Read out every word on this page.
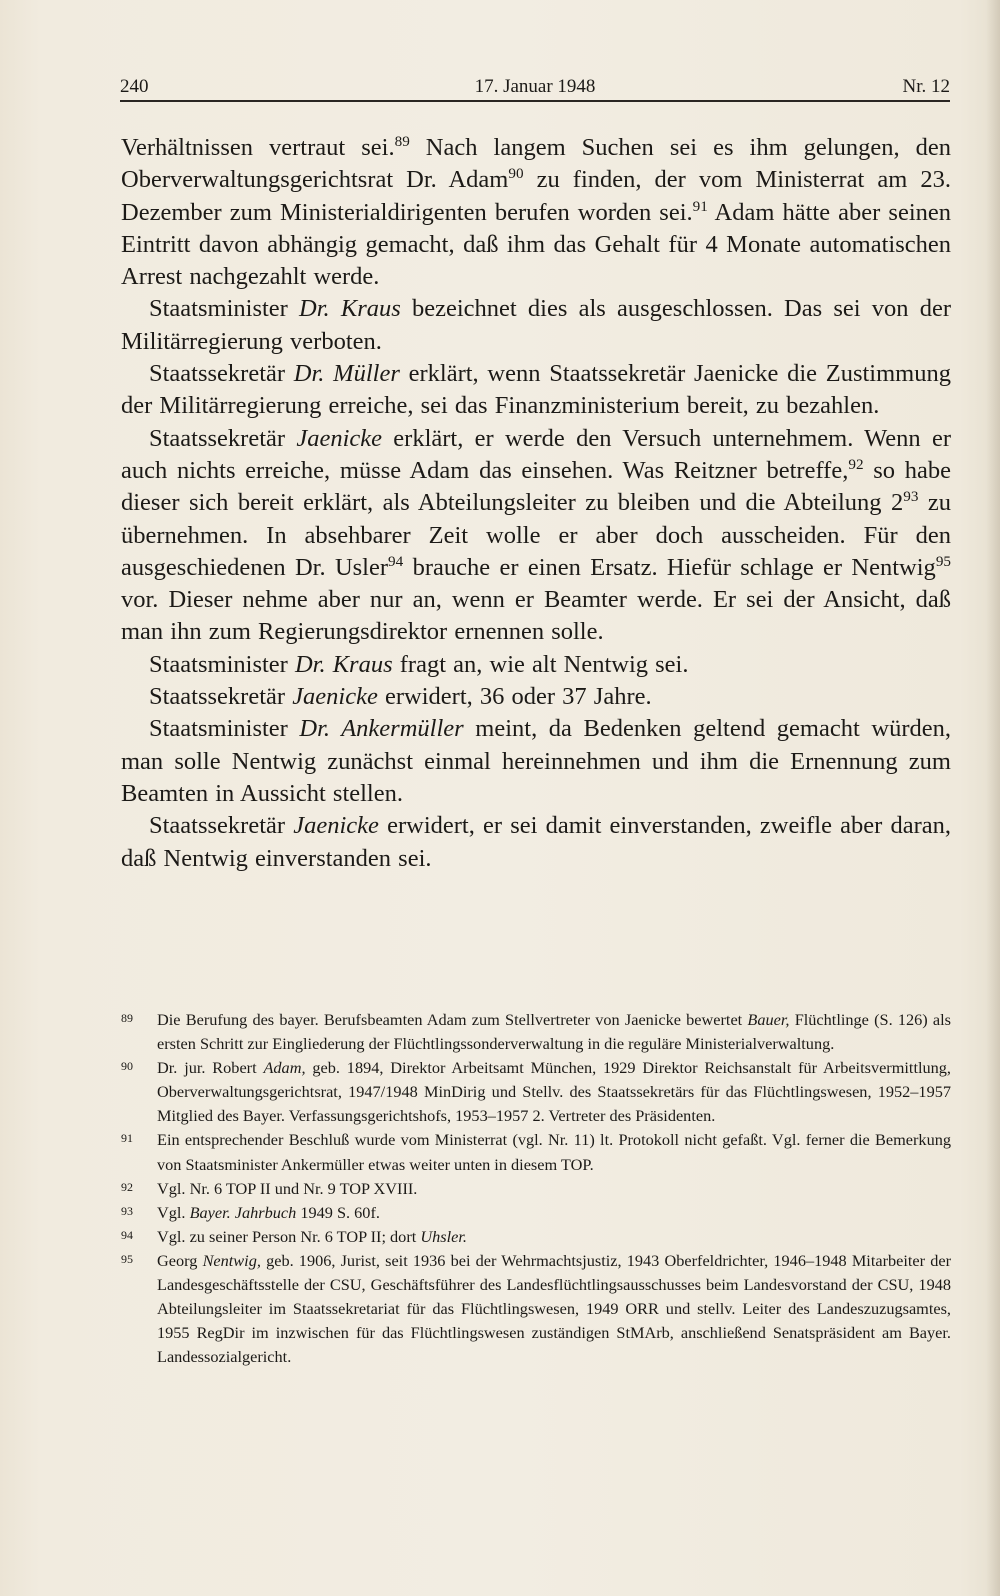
240	17. Januar 1948	Nr. 12

Verhältnissen vertraut sei.$^{89}$ Nach langem Suchen sei es ihm gelungen, den Oberverwaltungsgerichtsrat Dr. Adam$^{90}$ zu finden, der vom Ministerrat am 23. Dezember zum Ministerialdirigenten berufen worden sei.$^{91}$ Adam hätte aber seinen Eintritt davon abhängig gemacht, daß ihm das Gehalt für 4 Monate automatischen Arrest nachgezahlt werde.

Staatsminister Dr. Kraus bezeichnet dies als ausgeschlossen. Das sei von der Militärregierung verboten.

Staatssekretär Dr. Müller erklärt, wenn Staatssekretär Jaenicke die Zustimmung der Militärregierung erreiche, sei das Finanzministerium bereit, zu bezahlen.

Staatssekretär Jaenicke erklärt, er werde den Versuch unternehmem. Wenn er auch nichts erreiche, müsse Adam das einsehen. Was Reitzner betreffe,$^{92}$ so habe dieser sich bereit erklärt, als Abteilungsleiter zu bleiben und die Abteilung $2^{93}$ zu übernehmen. In absehbarer Zeit wolle er aber doch ausscheiden. Für den ausgeschiedenen Dr. Usler$^{94}$ brauche er einen Ersatz. Hiefür schlage er Nentwig$^{95}$ vor. Dieser nehme aber nur an, wenn er Beamter werde. Er sei der Ansicht, daß man ihn zum Regierungsdirektor ernennen solle.

Staatsminister Dr. Kraus fragt an, wie alt Nentwig sei.

Staatssekretär Jaenicke erwidert, 36 oder 37 Jahre.

Staatsminister Dr. Ankermüller meint, da Bedenken geltend gemacht würden, man solle Nentwig zunächst einmal hereinnehmen und ihm die Ernennung zum Beamten in Aussicht stellen.

Staatssekretär Jaenicke erwidert, er sei damit einverstanden, zweifle aber daran, daß Nentwig einverstanden sei.

89	Die Berufung des bayer. Berufsbeamten Adam zum Stellvertreter von Jaenicke bewertet Bauer, Flüchtlinge (S. 126) als ersten Schritt zur Eingliederung der Flüchtlingssonderverwaltung in die reguläre Ministerialverwaltung.
90	Dr. jur. Robert Adam, geb. 1894, Direktor Arbeitsamt München, 1929 Direktor Reichsanstalt für Arbeitsvermittlung, Oberverwaltungsgerichtsrat, 1947/1948 MinDirig und Stellv. des Staatssekretärs für das Flüchtlingswesen, 1952–1957 Mitglied des Bayer. Verfassungsgerichtshofs, 1953–1957 2. Vertreter des Präsidenten.
91	Ein entsprechender Beschluß wurde vom Ministerrat (vgl. Nr. 11) lt. Protokoll nicht gefaßt. Vgl. ferner die Bemerkung von Staatsminister Ankermüller etwas weiter unten in diesem TOP.
92	Vgl. Nr. 6 TOP II und Nr. 9 TOP XVIII.
93	Vgl. Bayer. Jahrbuch 1949 S. 60f.
94	Vgl. zu seiner Person Nr. 6 TOP II; dort Uhsler.
95	Georg Nentwig, geb. 1906, Jurist, seit 1936 bei der Wehrmachtsjustiz, 1943 Oberfeldrichter, 1946–1948 Mitarbeiter der Landesgeschäftsstelle der CSU, Geschäftsführer des Landesflüchtlingsausschusses beim Landesvorstand der CSU, 1948 Abteilungsleiter im Staatssekretariat für das Flüchtlingswesen, 1949 ORR und stellv. Leiter des Landeszuzugsamtes, 1955 RegDir im inzwischen für das Flüchtlingswesen zuständigen StMArb, anschließend Senatspräsident am Bayer. Landessozialgericht.
